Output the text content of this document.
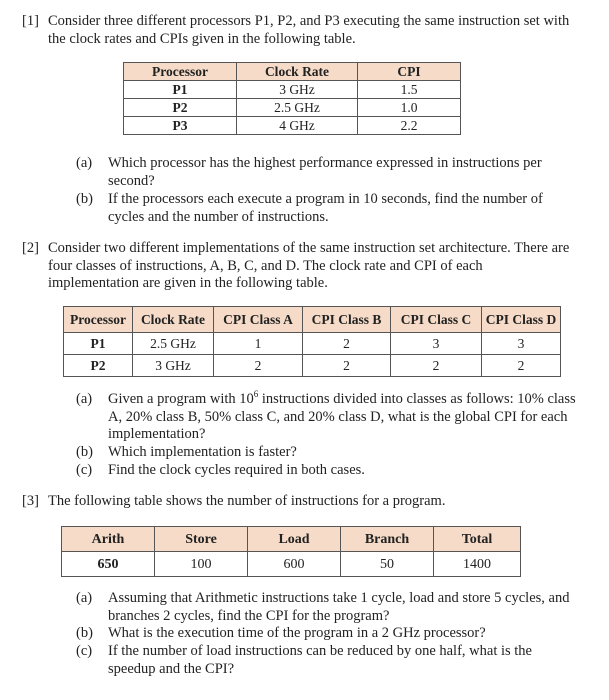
[1] Consider three different processors P1, P2, and P3 executing the same instruction set with the clock rates and CPIs given in the following table.
Processor	Clock Rate	CPI
P1	3 GHz	1.5
P2	2.5 GHz	1.0
P3	4 GHz	2.2
(a) Which processor has the highest performance expressed in instructions per second?
(b) If the processors each execute a program in 10 seconds, find the number of cycles and the number of instructions.
[2] Consider two different implementations of the same instruction set architecture. There are four classes of instructions, A, B, C, and D. The clock rate and CPI of each implementation are given in the following table.
Processor	Clock Rate	CPI Class A	CPI Class B	CPI Class C	CPI Class D
P1	2.5 GHz	1	2	3	3
P2	3 GHz	2	2	2	2
(a) Given a program with $10^6$ instructions divided into classes as follows: 10% class A, 20% class B, 50% class C, and 20% class D, what is the global CPI for each implementation?
(b) Which implementation is faster?
(c) Find the clock cycles required in both cases.
[3] The following table shows the number of instructions for a program.
Arith	Store	Load	Branch	Total
650	100	600	50	1400
(a) Assuming that Arithmetic instructions take 1 cycle, load and store 5 cycles, and branches 2 cycles, find the CPI for the program?
(b) What is the execution time of the program in a 2 GHz processor?
(c) If the number of load instructions can be reduced by one half, what is the speedup and the CPI?
